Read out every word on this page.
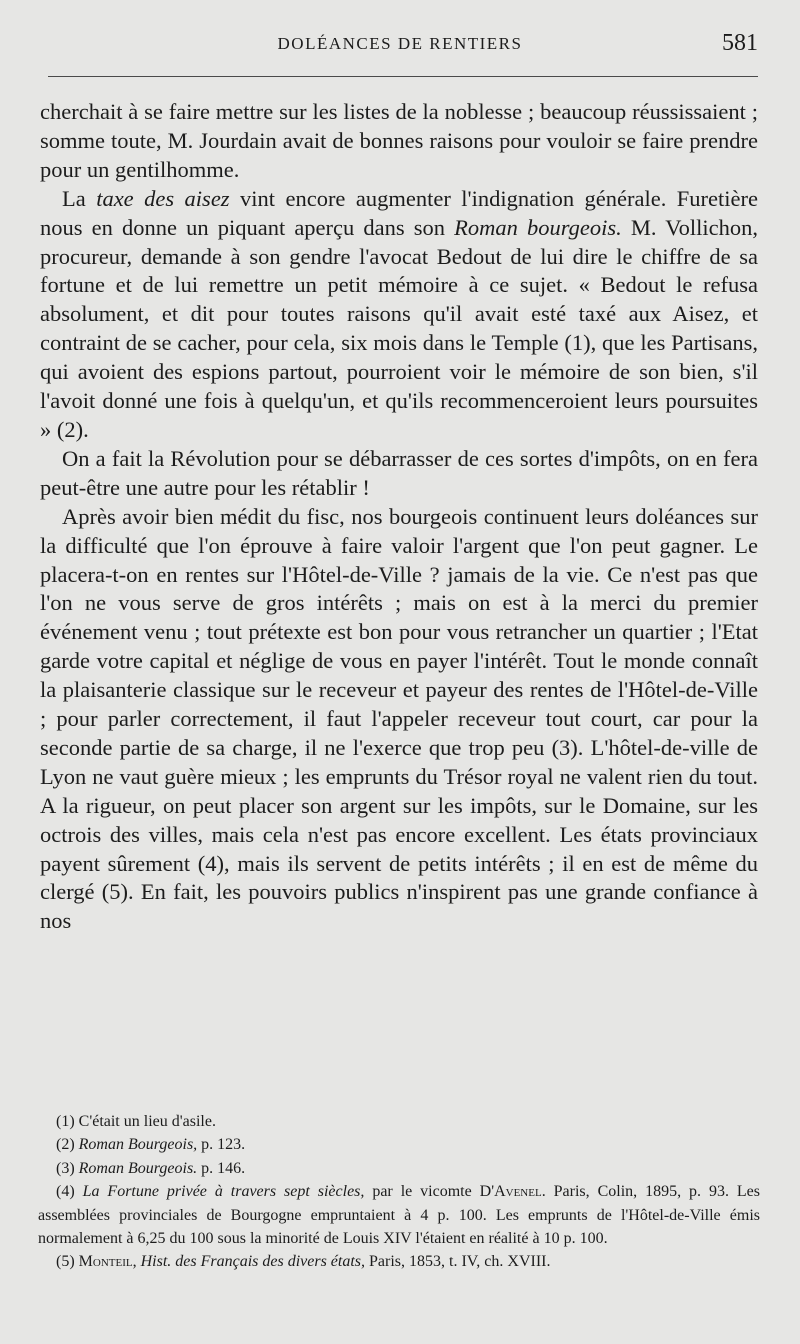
DOLÉANCES DE RENTIERS	581

cherchait à se faire mettre sur les listes de la noblesse ; beaucoup réussissaient ; somme toute, M. Jourdain avait de bonnes raisons pour vouloir se faire prendre pour un gentilhomme.

La taxe des aisez vint encore augmenter l'indignation générale. Furetière nous en donne un piquant aperçu dans son Roman bourgeois. M. Vollichon, procureur, demande à son gendre l'avocat Bedout de lui dire le chiffre de sa fortune et de lui remettre un petit mémoire à ce sujet. « Bedout le refusa absolument, et dit pour toutes raisons qu'il avait esté taxé aux Aisez, et contraint de se cacher, pour cela, six mois dans le Temple (1), que les Partisans, qui avoient des espions partout, pourroient voir le mémoire de son bien, s'il l'avoit donné une fois à quelqu'un, et qu'ils recommenceroient leurs poursuites » (2).

On a fait la Révolution pour se débarrasser de ces sortes d'impôts, on en fera peut-être une autre pour les rétablir !

Après avoir bien médit du fisc, nos bourgeois continuent leurs doléances sur la difficulté que l'on éprouve à faire valoir l'argent que l'on peut gagner. Le placera-t-on en rentes sur l'Hôtel-de-Ville ? jamais de la vie. Ce n'est pas que l'on ne vous serve de gros intérêts ; mais on est à la merci du premier événement venu ; tout prétexte est bon pour vous retrancher un quartier ; l'Etat garde votre capital et néglige de vous en payer l'intérêt. Tout le monde connaît la plaisanterie classique sur le receveur et payeur des rentes de l'Hôtel-de-Ville ; pour parler correctement, il faut l'appeler receveur tout court, car pour la seconde partie de sa charge, il ne l'exerce que trop peu (3). L'hôtel-de-ville de Lyon ne vaut guère mieux ; les emprunts du Trésor royal ne valent rien du tout. A la rigueur, on peut placer son argent sur les impôts, sur le Domaine, sur les octrois des villes, mais cela n'est pas encore excellent. Les états provinciaux payent sûrement (4), mais ils servent de petits intérêts ; il en est de même du clergé (5). En fait, les pouvoirs publics n'inspirent pas une grande confiance à nos

(1) C'était un lieu d'asile.

(2) Roman Bourgeois, p. 123.

(3) Roman Bourgeois. p. 146.

(4) La Fortune privée à travers sept siècles, par le vicomte D'Avenel. Paris, Colin, 1895, p. 93. Les assemblées provinciales de Bourgogne empruntaient à 4 p. 100. Les emprunts de l'Hôtel-de-Ville émis normalement à 6,25 du 100 sous la minorité de Louis XIV l'étaient en réalité à 10 p. 100.

(5) Monteil, Hist. des Français des divers états, Paris, 1853, t. IV, ch. XVIII.
